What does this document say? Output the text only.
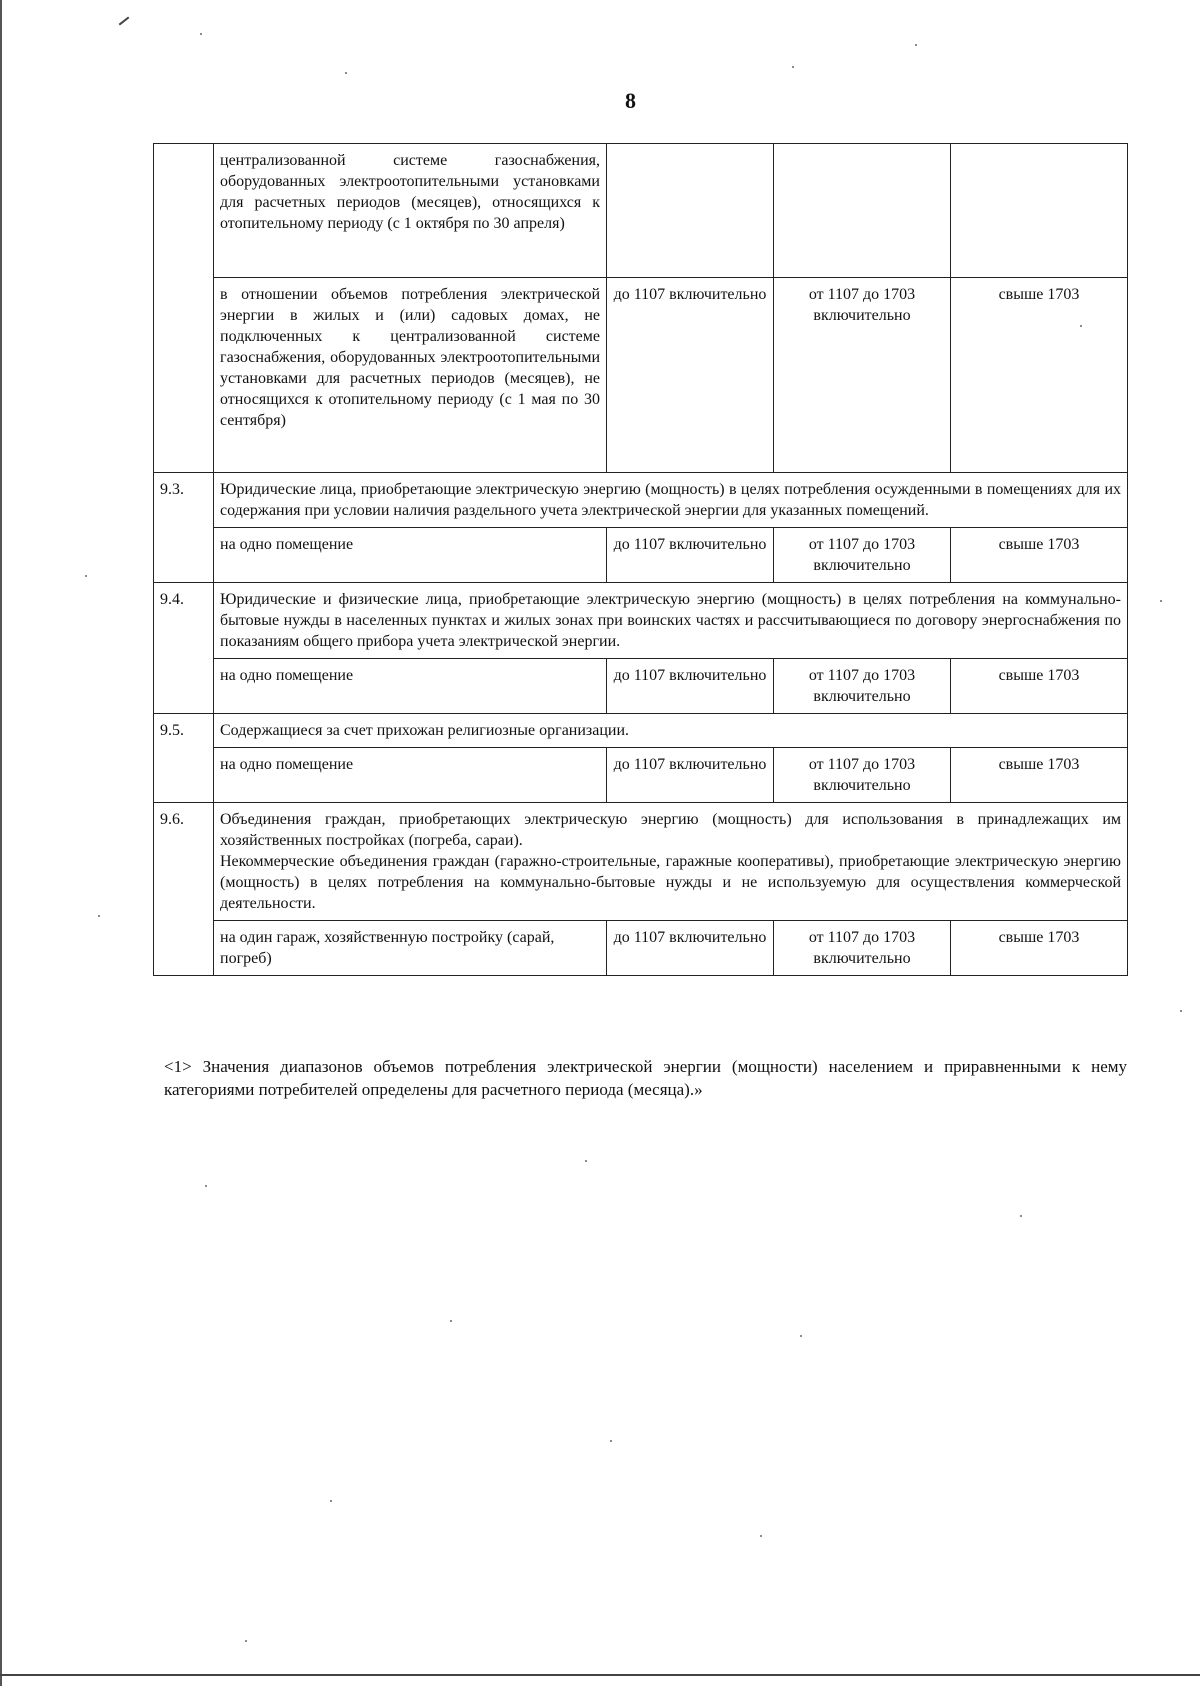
8
	централизованной системе газоснабжения, оборудованных электроотопительными установками для расчетных периодов (месяцев), относящихся к отопительному периоду (с 1 октября по 30 апреля)			
	в отношении объемов потребления электрической энергии в жилых и (или) садовых домах, не подключенных к централизованной системе газоснабжения, оборудованных электроотопительными установками для расчетных периодов (месяцев), не относящихся к отопительному периоду (с 1 мая по 30 сентября)	до 1107 включительно	от 1107 до 1703 включительно	свыше 1703
9.3.	Юридические лица, приобретающие электрическую энергию (мощность) в целях потребления осужденными в помещениях для их содержания при условии наличия раздельного учета электрической энергии для указанных помещений.			
	на одно помещение	до 1107 включительно	от 1107 до 1703 включительно	свыше 1703
9.4.	Юридические и физические лица, приобретающие электрическую энергию (мощность) в целях потребления на коммунально-бытовые нужды в населенных пунктах и жилых зонах при воинских частях и рассчитывающиеся по договору энергоснабжения по показаниям общего прибора учета электрической энергии.			
	на одно помещение	до 1107 включительно	от 1107 до 1703 включительно	свыше 1703
9.5.	Содержащиеся за счет прихожан религиозные организации.			
	на одно помещение	до 1107 включительно	от 1107 до 1703 включительно	свыше 1703
9.6.	Объединения граждан, приобретающих электрическую энергию (мощность) для использования в принадлежащих им хозяйственных постройках (погреба, сараи).
Некоммерческие объединения граждан (гаражно-строительные, гаражные кооперативы), приобретающие электрическую энергию (мощность) в целях потребления на коммунально-бытовые нужды и не используемую для осуществления коммерческой деятельности.			

	на один гараж, хозяйственную постройку (сарай, погреб)	до 1107 включительно	от 1107 до 1703 включительно	свыше 1703
<1> Значения диапазонов объемов потребления электрической энергии (мощности) населением и приравненными к нему категориями потребителей определены для расчетного периода (месяца).»
